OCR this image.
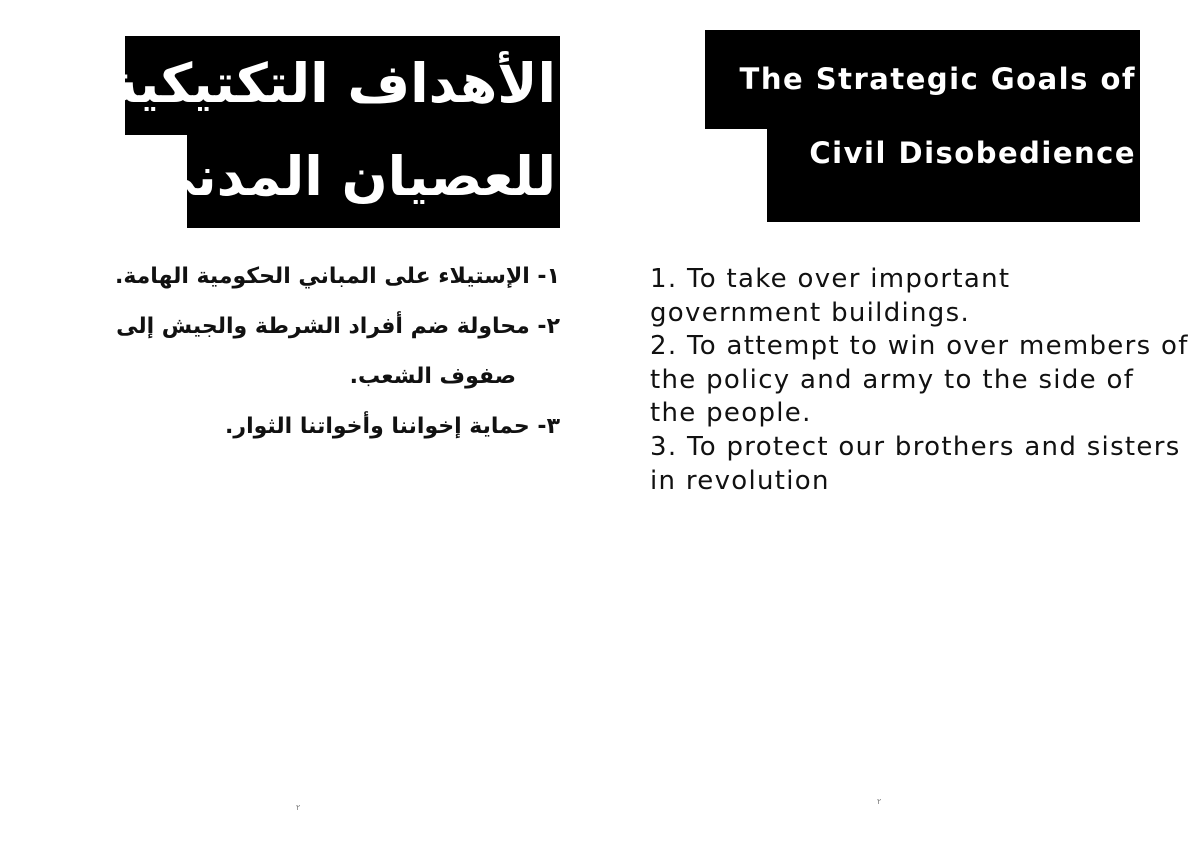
الأهداف التكتيكية
للعصيان المدني
١- الإستيلاء على المباني الحكومية الهامة.
٢- محاولة ضم أفراد الشرطة والجيش إلى
صفوف الشعب.
٣- حماية إخواننا وأخواتنا الثوار.
٢
The Strategic Goals of
Civil Disobedience
1. To take over important government buildings.
2. To attempt to win over members of the policy and army to the side of the people.
3. To protect our brothers and sisters in revolution
٢
